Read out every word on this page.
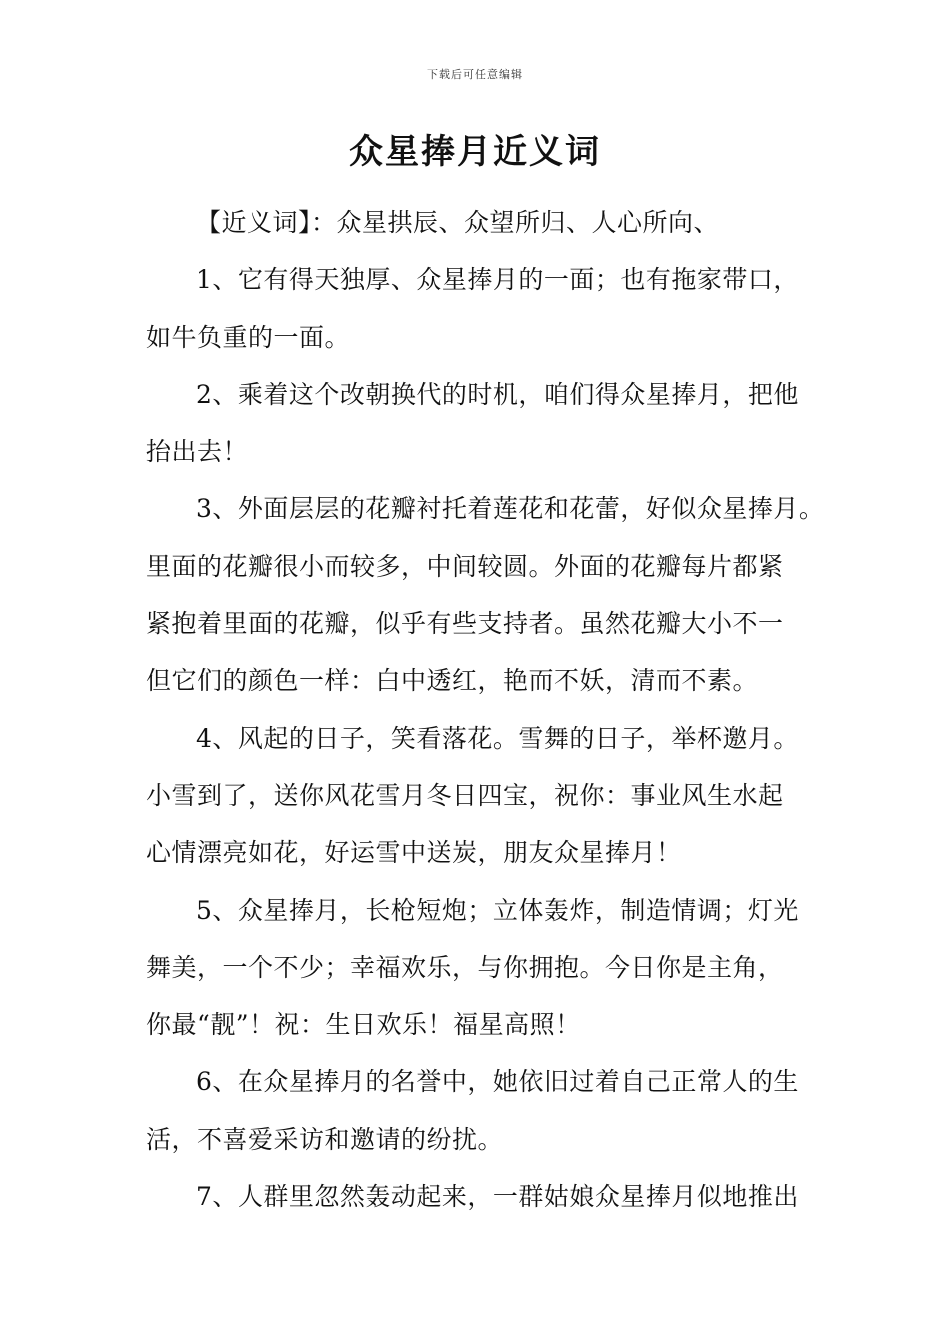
下载后可任意编辑
众星捧月近义词
【近义词】：众星拱辰、众望所归、人心所向、
1、它有得天独厚、众星捧月的一面；也有拖家带口，
如牛负重的一面。
2、乘着这个改朝换代的时机，咱们得众星捧月，把他
抬出去！
3、外面层层的花瓣衬托着莲花和花蕾，好似众星捧月。
里面的花瓣很小而较多，中间较圆。外面的花瓣每片都紧
紧抱着里面的花瓣，似乎有些支持者。虽然花瓣大小不一
但它们的颜色一样：白中透红，艳而不妖，清而不素。
4、风起的日子，笑看落花。雪舞的日子，举杯邀月。
小雪到了，送你风花雪月冬日四宝，祝你：事业风生水起
心情漂亮如花，好运雪中送炭，朋友众星捧月！
5、众星捧月，长枪短炮；立体轰炸，制造情调；灯光
舞美，一个不少；幸福欢乐，与你拥抱。今日你是主角，
你最“靓”！祝：生日欢乐！福星高照！
6、在众星捧月的名誉中，她依旧过着自己正常人的生
活，不喜爱采访和邀请的纷扰。
7、人群里忽然轰动起来，一群姑娘众星捧月似地推出
